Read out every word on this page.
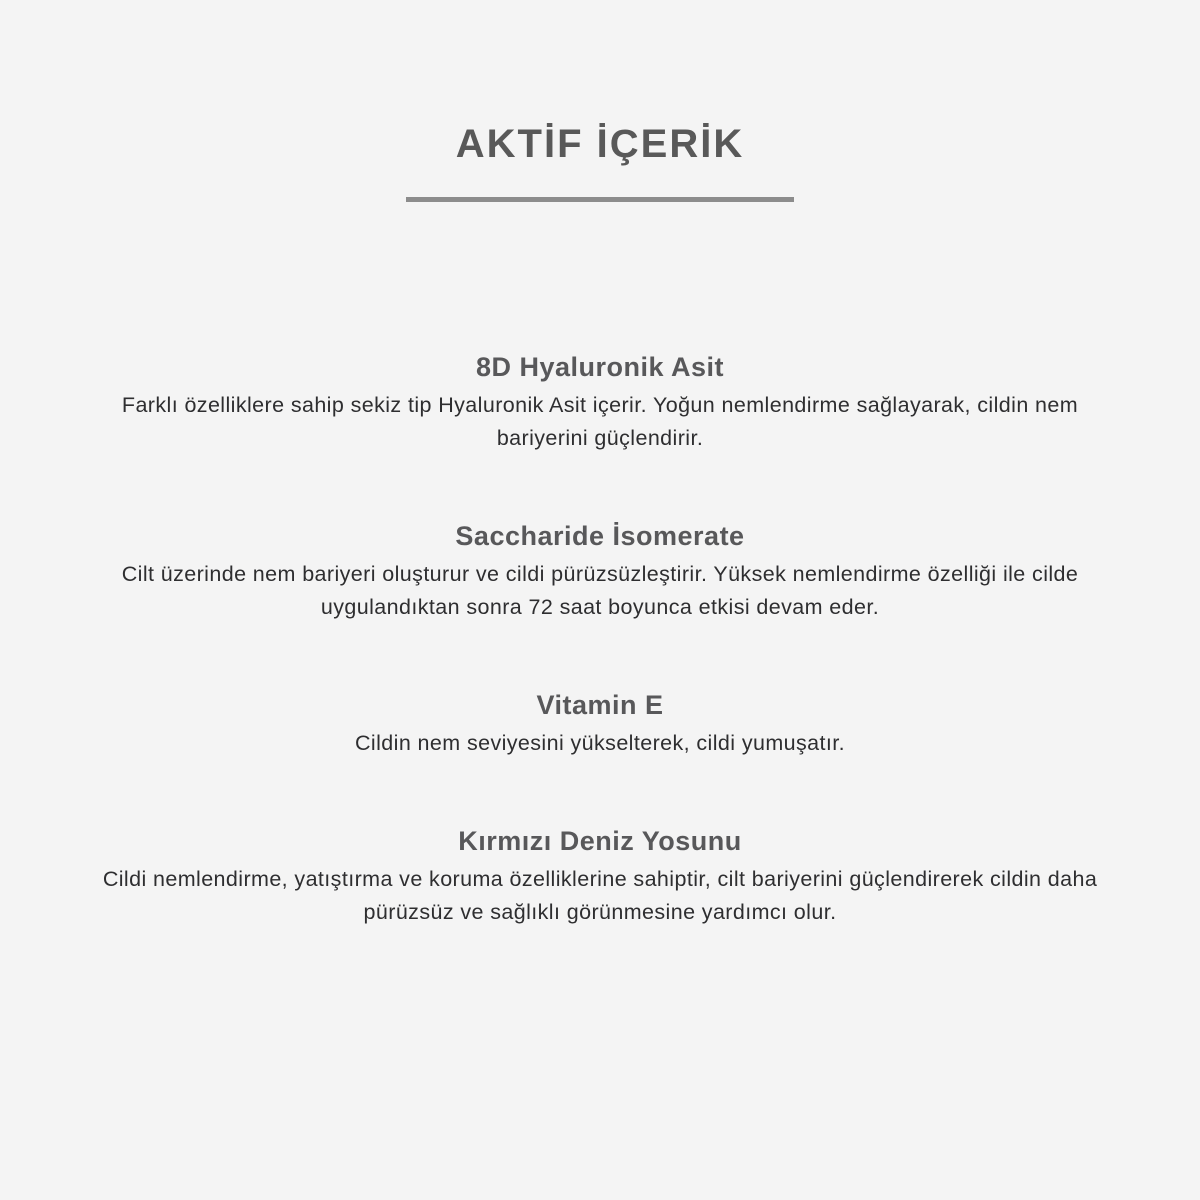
AKTİF İÇERİK
8D Hyaluronik Asit

Farklı özelliklere sahip sekiz tip Hyaluronik Asit içerir. Yoğun nemlendirme sağlayarak, cildin nem bariyerini güçlendirir.

Saccharide İsomerate

Cilt üzerinde nem bariyeri oluşturur ve cildi pürüzsüzleştirir. Yüksek nemlendirme özelliği ile cilde uygulandıktan sonra 72 saat boyunca etkisi devam eder.

Vitamin E

Cildin nem seviyesini yükselterek, cildi yumuşatır.

Kırmızı Deniz Yosunu

Cildi nemlendirme, yatıştırma ve koruma özelliklerine sahiptir, cilt bariyerini güçlendirerek cildin daha pürüzsüz ve sağlıklı görünmesine yardımcı olur.
